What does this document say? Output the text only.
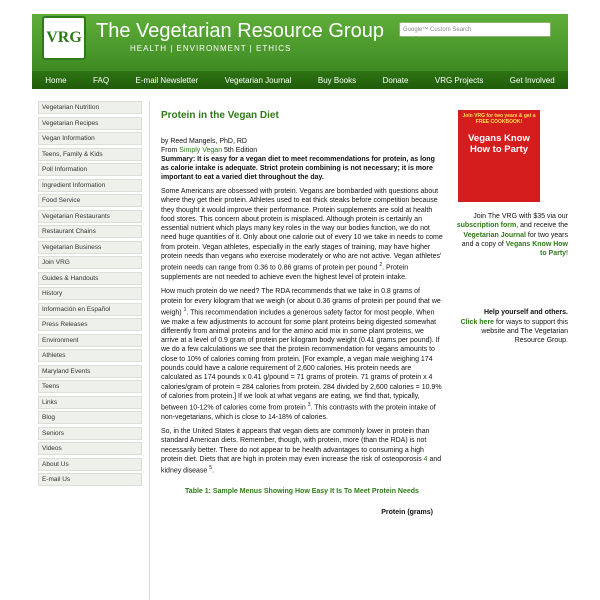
VRG The Vegetarian Resource Group
HEALTH | ENVIRONMENT | ETHICS
Google™ Custom Search
Home	FAQ	E-mail Newsletter	Vegetarian Journal	Buy Books	Donate	VRG Projects	Get Involved
Vegetarian Nutrition
Vegetarian Recipes
Vegan Information
Teens, Family & Kids
Poll Information
Ingredient Information
Food Service
Vegetarian Restaurants
Restaurant Chains
Vegetarian Business
Join VRG
Guides & Handouts
History
Información en Español
Press Releases
Environment
Athletes
Maryland Events
Teens
Links
Blog
Seniors
Videos
About Us
E-mail Us
Protein in the Vegan Diet
by Reed Mangels, PhD, RD
From Simply Vegan 5th Edition
Summary: It is easy for a vegan diet to meet recommendations for protein, as long as calorie intake is adequate. Strict protein combining is not necessary; it is more important to eat a varied diet throughout the day.
Some Americans are obsessed with protein. Vegans are bombarded with questions about where they get their protein. Athletes used to eat thick steaks before competition because they thought it would improve their performance. Protein supplements are sold at health food stores. This concern about protein is misplaced. Although protein is certainly an essential nutrient which plays many key roles in the way our bodies function, we do not need huge quantities of it. Only about one calorie out of every 10 we take in needs to come from protein. Vegan athletes, especially in the early stages of training, may have higher protein needs than vegans who exercise moderately or who are not active. Vegan athletes' protein needs can range from 0.36 to 0.86 grams of protein per pound $^2$. Protein supplements are not needed to achieve even the highest level of protein intake.
How much protein do we need? The RDA recommends that we take in 0.8 grams of protein for every kilogram that we weigh (or about 0.36 grams of protein per pound that we weigh) $^1$. This recommendation includes a generous safety factor for most people. When we make a few adjustments to account for some plant proteins being digested somewhat differently from animal proteins and for the amino acid mix in some plant proteins, we arrive at a level of 0.9 gram of protein per kilogram body weight (0.41 grams per pound). If we do a few calculations we see that the protein recommendation for vegans amounts to close to 10% of calories coming from protein. [For example, a vegan male weighing 174 pounds could have a calorie requirement of 2,600 calories. His protein needs are calculated as 174 pounds x 0.41 g/pound = 71 grams of protein. 71 grams of protein x 4 calories/gram of protein = 284 calories from protein. 284 divided by 2,600 calories = 10.9% of calories from protein.] If we look at what vegans are eating, we find that, typically, between 10-12% of calories come from protein $^3$. This contrasts with the protein intake of non-vegetarians, which is close to 14-18% of calories.
So, in the United States it appears that vegan diets are commonly lower in protein than standard American diets. Remember, though, with protein, more (than the RDA) is not necessarily better. There do not appear to be health advantages to consuming a high protein diet. Diets that are high in protein may even increase the risk of osteoporosis 4 and kidney disease $^5$.
Table 1: Sample Menus Showing How Easy It Is To Meet Protein Needs
Protein (grams)
Join VRG for two years & get a FREE COOKBOOK!
Vegans Know How to Party
Join The VRG with $35 via our subscription form, and receive the Vegetarian Journal for two years and a copy of Vegans Know How to Party!
Help yourself and others.
Click here for ways to support this website and The Vegetarian Resource Group.
